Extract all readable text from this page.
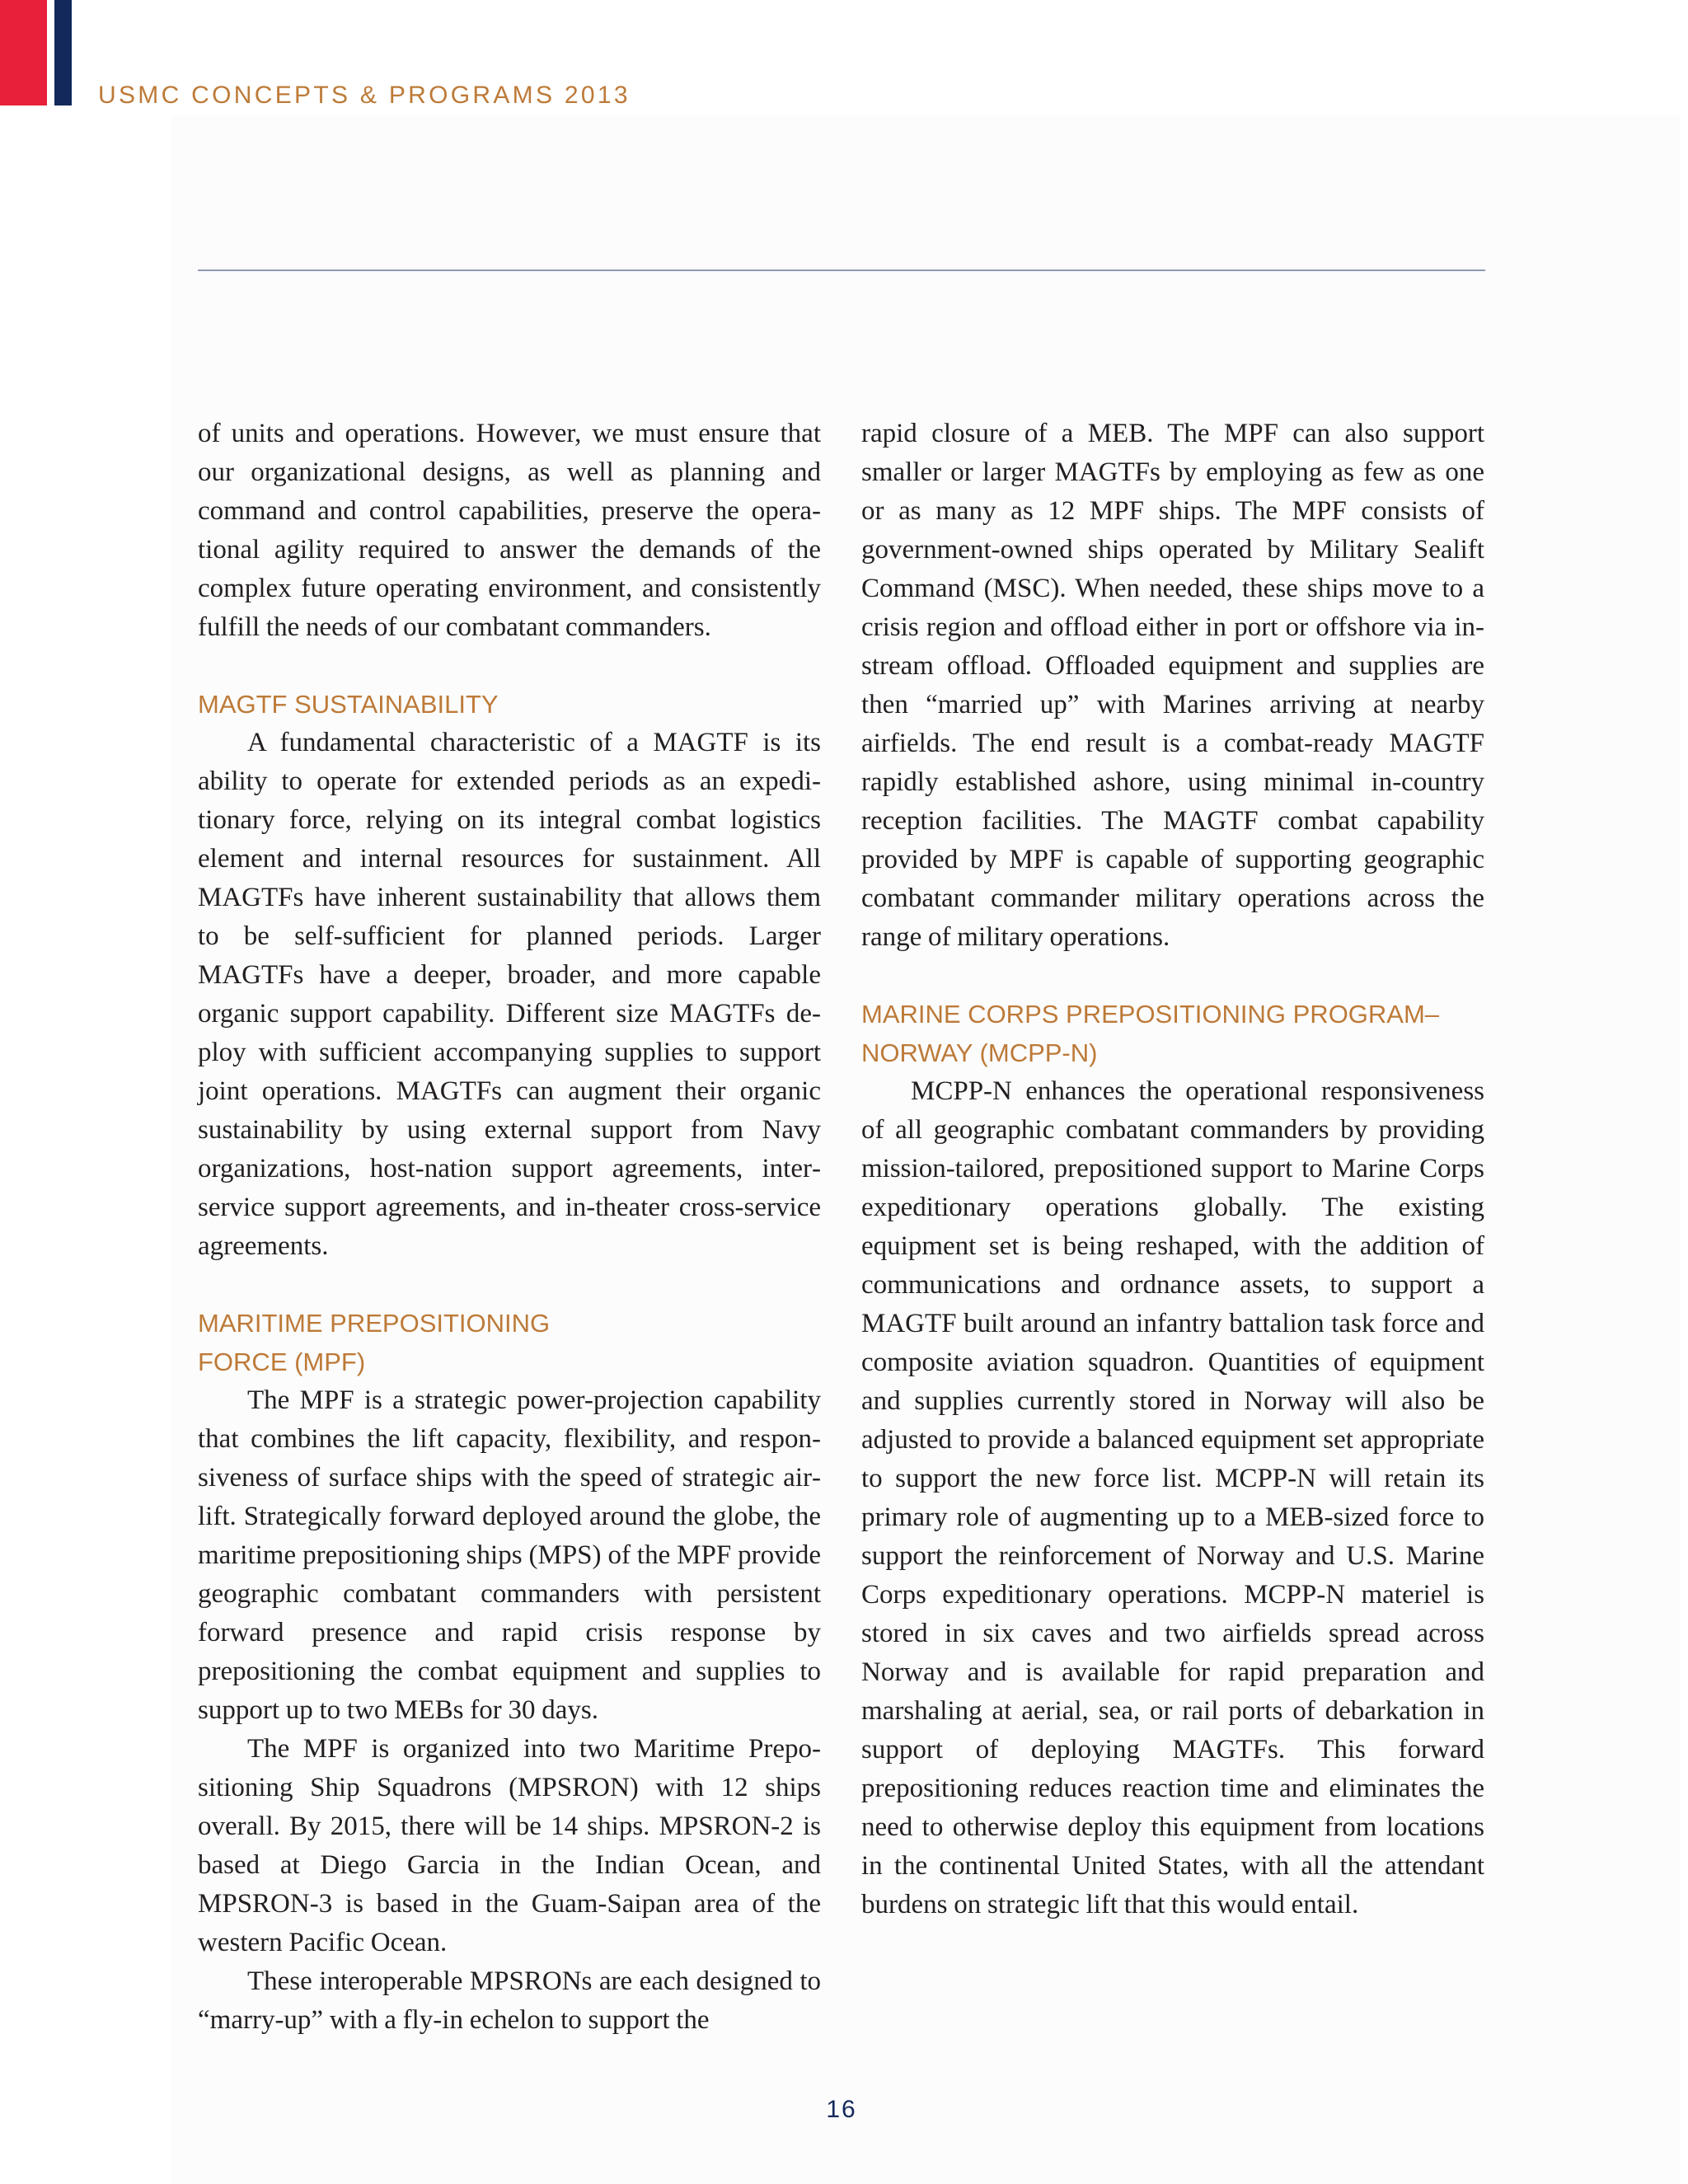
USMC CONCEPTS & PROGRAMS 2013

of units and operations. However, we must ensure that our organizational designs, as well as planning and command and control capabilities, preserve the operational agility required to answer the demands of the complex future operating environment, and consistently fulfill the needs of our combatant commanders.

MAGTF SUSTAINABILITY

A fundamental characteristic of a MAGTF is its ability to operate for extended periods as an expeditionary force, relying on its integral combat logistics element and internal resources for sustainment. All MAGTFs have inherent sustainability that allows them to be self-sufficient for planned periods. Larger MAGTFs have a deeper, broader, and more capable organic support capability. Different size MAGTFs deploy with sufficient accompanying supplies to support joint operations. MAGTFs can augment their organic sustainability by using external support from Navy organizations, host-nation support agreements, interservice support agreements, and in-theater cross-service agreements.

MARITIME PREPOSITIONING
FORCE (MPF)

The MPF is a strategic power-projection capability that combines the lift capacity, flexibility, and responsiveness of surface ships with the speed of strategic airlift. Strategically forward deployed around the globe, the maritime prepositioning ships (MPS) of the MPF provide geographic combatant commanders with persistent forward presence and rapid crisis response by prepositioning the combat equipment and supplies to support up to two MEBs for 30 days.

The MPF is organized into two Maritime Prepositioning Ship Squadrons (MPSRON) with 12 ships overall. By 2015, there will be 14 ships. MPSRON-2 is based at Diego Garcia in the Indian Ocean, and MPSRON-3 is based in the Guam-Saipan area of the western Pacific Ocean.

These interoperable MPSRONs are each designed to “marry-up” with a fly-in echelon to support the

rapid closure of a MEB. The MPF can also support smaller or larger MAGTFs by employing as few as one or as many as 12 MPF ships. The MPF consists of government-owned ships operated by Military Sealift Command (MSC). When needed, these ships move to a crisis region and offload either in port or offshore via in-stream offload. Offloaded equipment and supplies are then “married up” with Marines arriving at nearby airfields. The end result is a combat-ready MAGTF rapidly established ashore, using minimal in-country reception facilities. The MAGTF combat capability provided by MPF is capable of supporting geographic combatant commander military operations across the range of military operations.

MARINE CORPS PREPOSITIONING PROGRAM–
NORWAY (MCPP-N)

MCPP-N enhances the operational responsiveness of all geographic combatant commanders by providing mission-tailored, prepositioned support to Marine Corps expeditionary operations globally. The existing equipment set is being reshaped, with the addition of communications and ordnance assets, to support a MAGTF built around an infantry battalion task force and composite aviation squadron. Quantities of equipment and supplies currently stored in Norway will also be adjusted to provide a balanced equipment set appropriate to support the new force list. MCPP-N will retain its primary role of augmenting up to a MEB-sized force to support the reinforcement of Norway and U.S. Marine Corps expeditionary operations. MCPP-N materiel is stored in six caves and two airfields spread across Norway and is available for rapid preparation and marshaling at aerial, sea, or rail ports of debarkation in support of deploying MAGTFs. This forward prepositioning reduces reaction time and eliminates the need to otherwise deploy this equipment from locations in the continental United States, with all the attendant burdens on strategic lift that this would entail.

16
